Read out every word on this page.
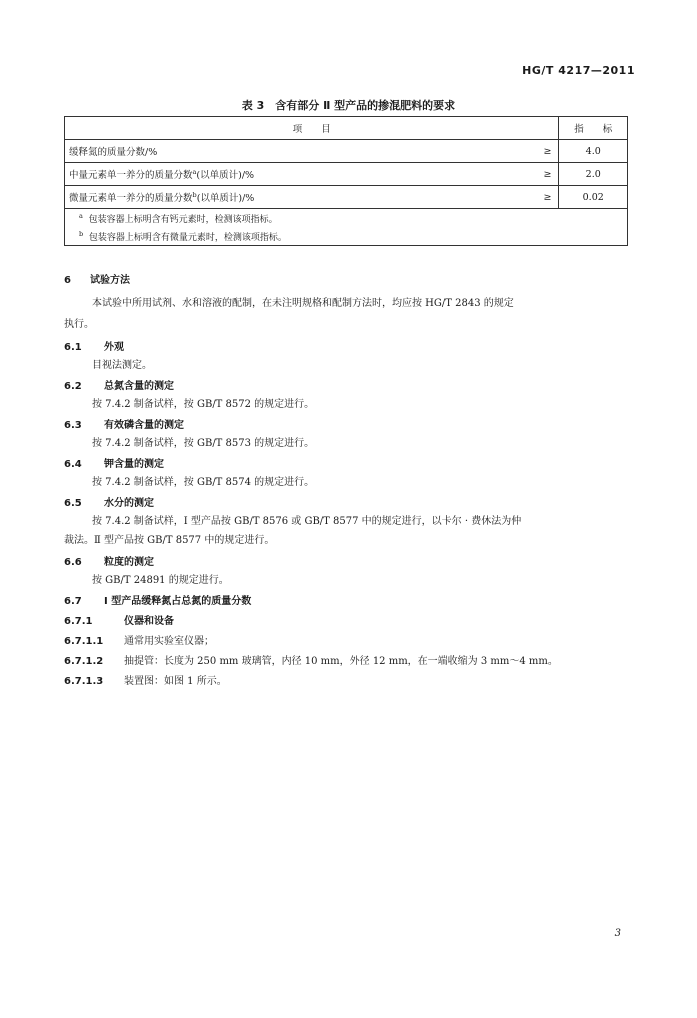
HG/T 4217—2011
表 3　含有部分 Ⅱ 型产品的掺混肥料的要求
项　　目		指　　标
缓释氮的质量分数/%	≥	4.0
中量元素单一养分的质量分数$^a$(以单质计)/%	≥	2.0
微量元素单一养分的质量分数$^b$(以单质计)/%	≥	0.02
$^a$ 包装容器上标明含有钙元素时，检测该项指标。		
$^b$ 包装容器上标明含有微量元素时，检测该项指标。		
6 试验方法
本试验中所用试剂、水和溶液的配制，在未注明规格和配制方法时，均应按 HG/T 2843 的规定
执行。
6.1 外观
目视法测定。
6.2 总氮含量的测定
按 7.4.2 制备试样，按 GB/T 8572 的规定进行。
6.3 有效磷含量的测定
按 7.4.2 制备试样，按 GB/T 8573 的规定进行。
6.4 钾含量的测定
按 7.4.2 制备试样，按 GB/T 8574 的规定进行。
6.5 水分的测定
按 7.4.2 制备试样，Ⅰ 型产品按 GB/T 8576 或 GB/T 8577 中的规定进行，以卡尔 · 费休法为仲
裁法。Ⅱ 型产品按 GB/T 8577 中的规定进行。
6.6 粒度的测定
按 GB/T 24891 的规定进行。
6.7 Ⅰ 型产品缓释氮占总氮的质量分数
6.7.1	仪器和设备
6.7.1.1 通常用实验室仪器；
6.7.1.2 抽提管：长度为 250 mm 玻璃管，内径 10 mm，外径 12 mm，在一端收缩为 3 mm～4 mm。
6.7.1.3 装置图：如图 1 所示。
3
